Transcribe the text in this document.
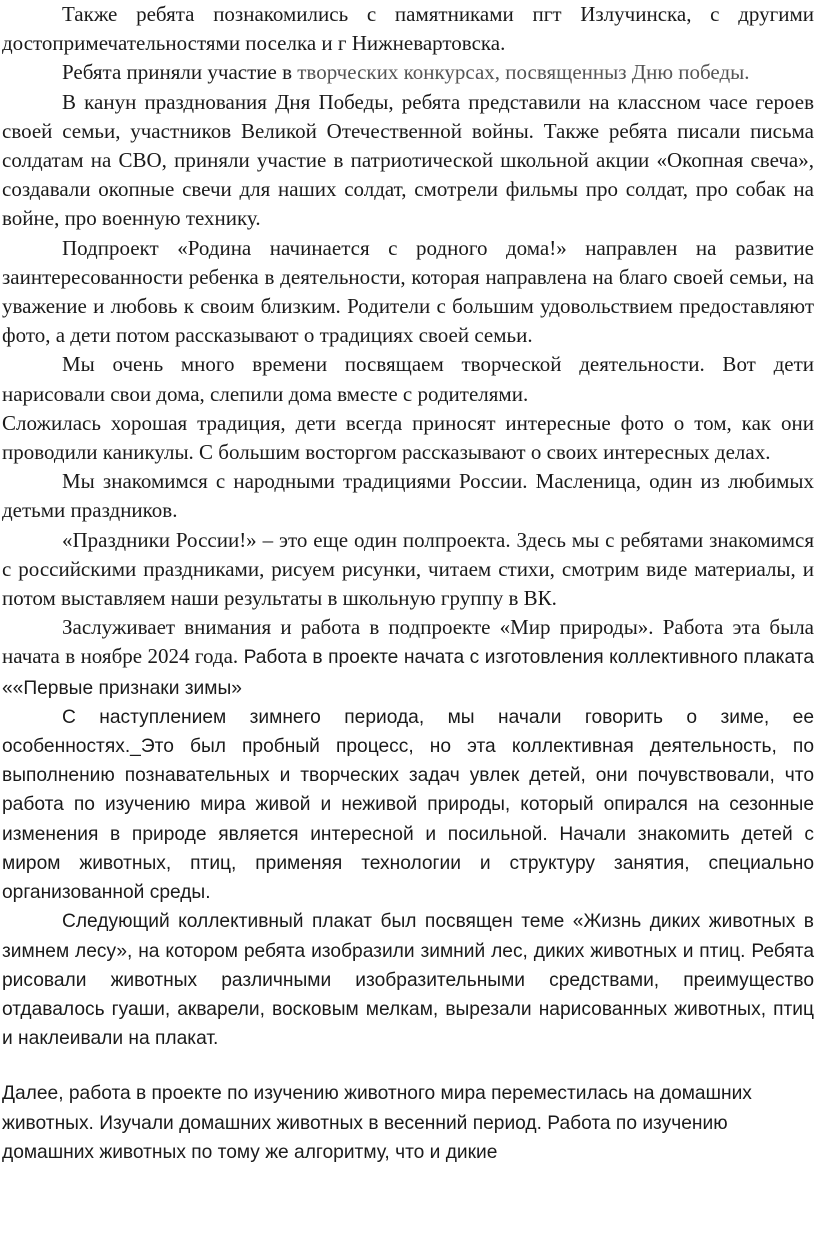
Также ребята познакомились с памятниками пгт Излучинска, с другими достопримечательностями поселка и г Нижневартовска.

Ребята приняли участие в творческих конкурсах, посвященныз Дню победы.

В канун празднования Дня Победы, ребята представили на классном часе героев своей семьи, участников Великой Отечественной войны. Также ребята писали письма солдатам на СВО, приняли участие в патриотической школьной акции «Окопная свеча», создавали окопные свечи для наших солдат, смотрели фильмы про солдат, про собак на войне, про военную технику.

Подпроект «Родина начинается с родного дома!» направлен на развитие заинтересованности ребенка в деятельности, которая направлена на благо своей семьи, на уважение и любовь к своим близким. Родители с большим удовольствием предоставляют фото, а дети потом рассказывают о традициях своей семьи.

Мы очень много времени посвящаем творческой деятельности. Вот дети нарисовали свои дома, слепили дома вместе с родителями.

Сложилась хорошая традиция, дети всегда приносят интересные фото о том, как они проводили каникулы. С большим восторгом рассказывают о своих интересных делах.

Мы знакомимся с народными традициями России. Масленица, один из любимых детьми праздников.

«Праздники России!» – это еще один полпроекта. Здесь мы с ребятами знакомимся с российскими праздниками, рисуем рисунки, читаем стихи, смотрим виде материалы, и потом выставляем наши результаты в школьную группу в ВК.

Заслуживает внимания и работа в подпроекте «Мир природы». Работа эта была начата в ноябре 2024 года. Работа в проекте начата с изготовления коллективного плаката ««Первые признаки зимы»

С наступлением зимнего периода, мы начали говорить о зиме, ее особенностях._Это был пробный процесс, но эта коллективная деятельность, по выполнению познавательных и творческих задач увлек детей, они почувствовали, что работа по изучению мира живой и неживой природы, который опирался на сезонные изменения в природе является интересной и посильной. Начали знакомить детей с миром животных, птиц, применяя технологии и структуру занятия, специально организованной среды.

Следующий коллективный плакат был посвящен теме «Жизнь диких животных в зимнем лесу», на котором ребята изобразили зимний лес, диких животных и птиц. Ребята рисовали животных различными изобразительными средствами, преимущество отдавалось гуаши, акварели, восковым мелкам, вырезали нарисованных животных, птиц и наклеивали на плакат.

Далее, работа в проекте по изучению животного мира переместилась на домашних животных. Изучали домашних животных в весенний период. Работа по изучению домашних животных по тому же алгоритму, что и дикие
